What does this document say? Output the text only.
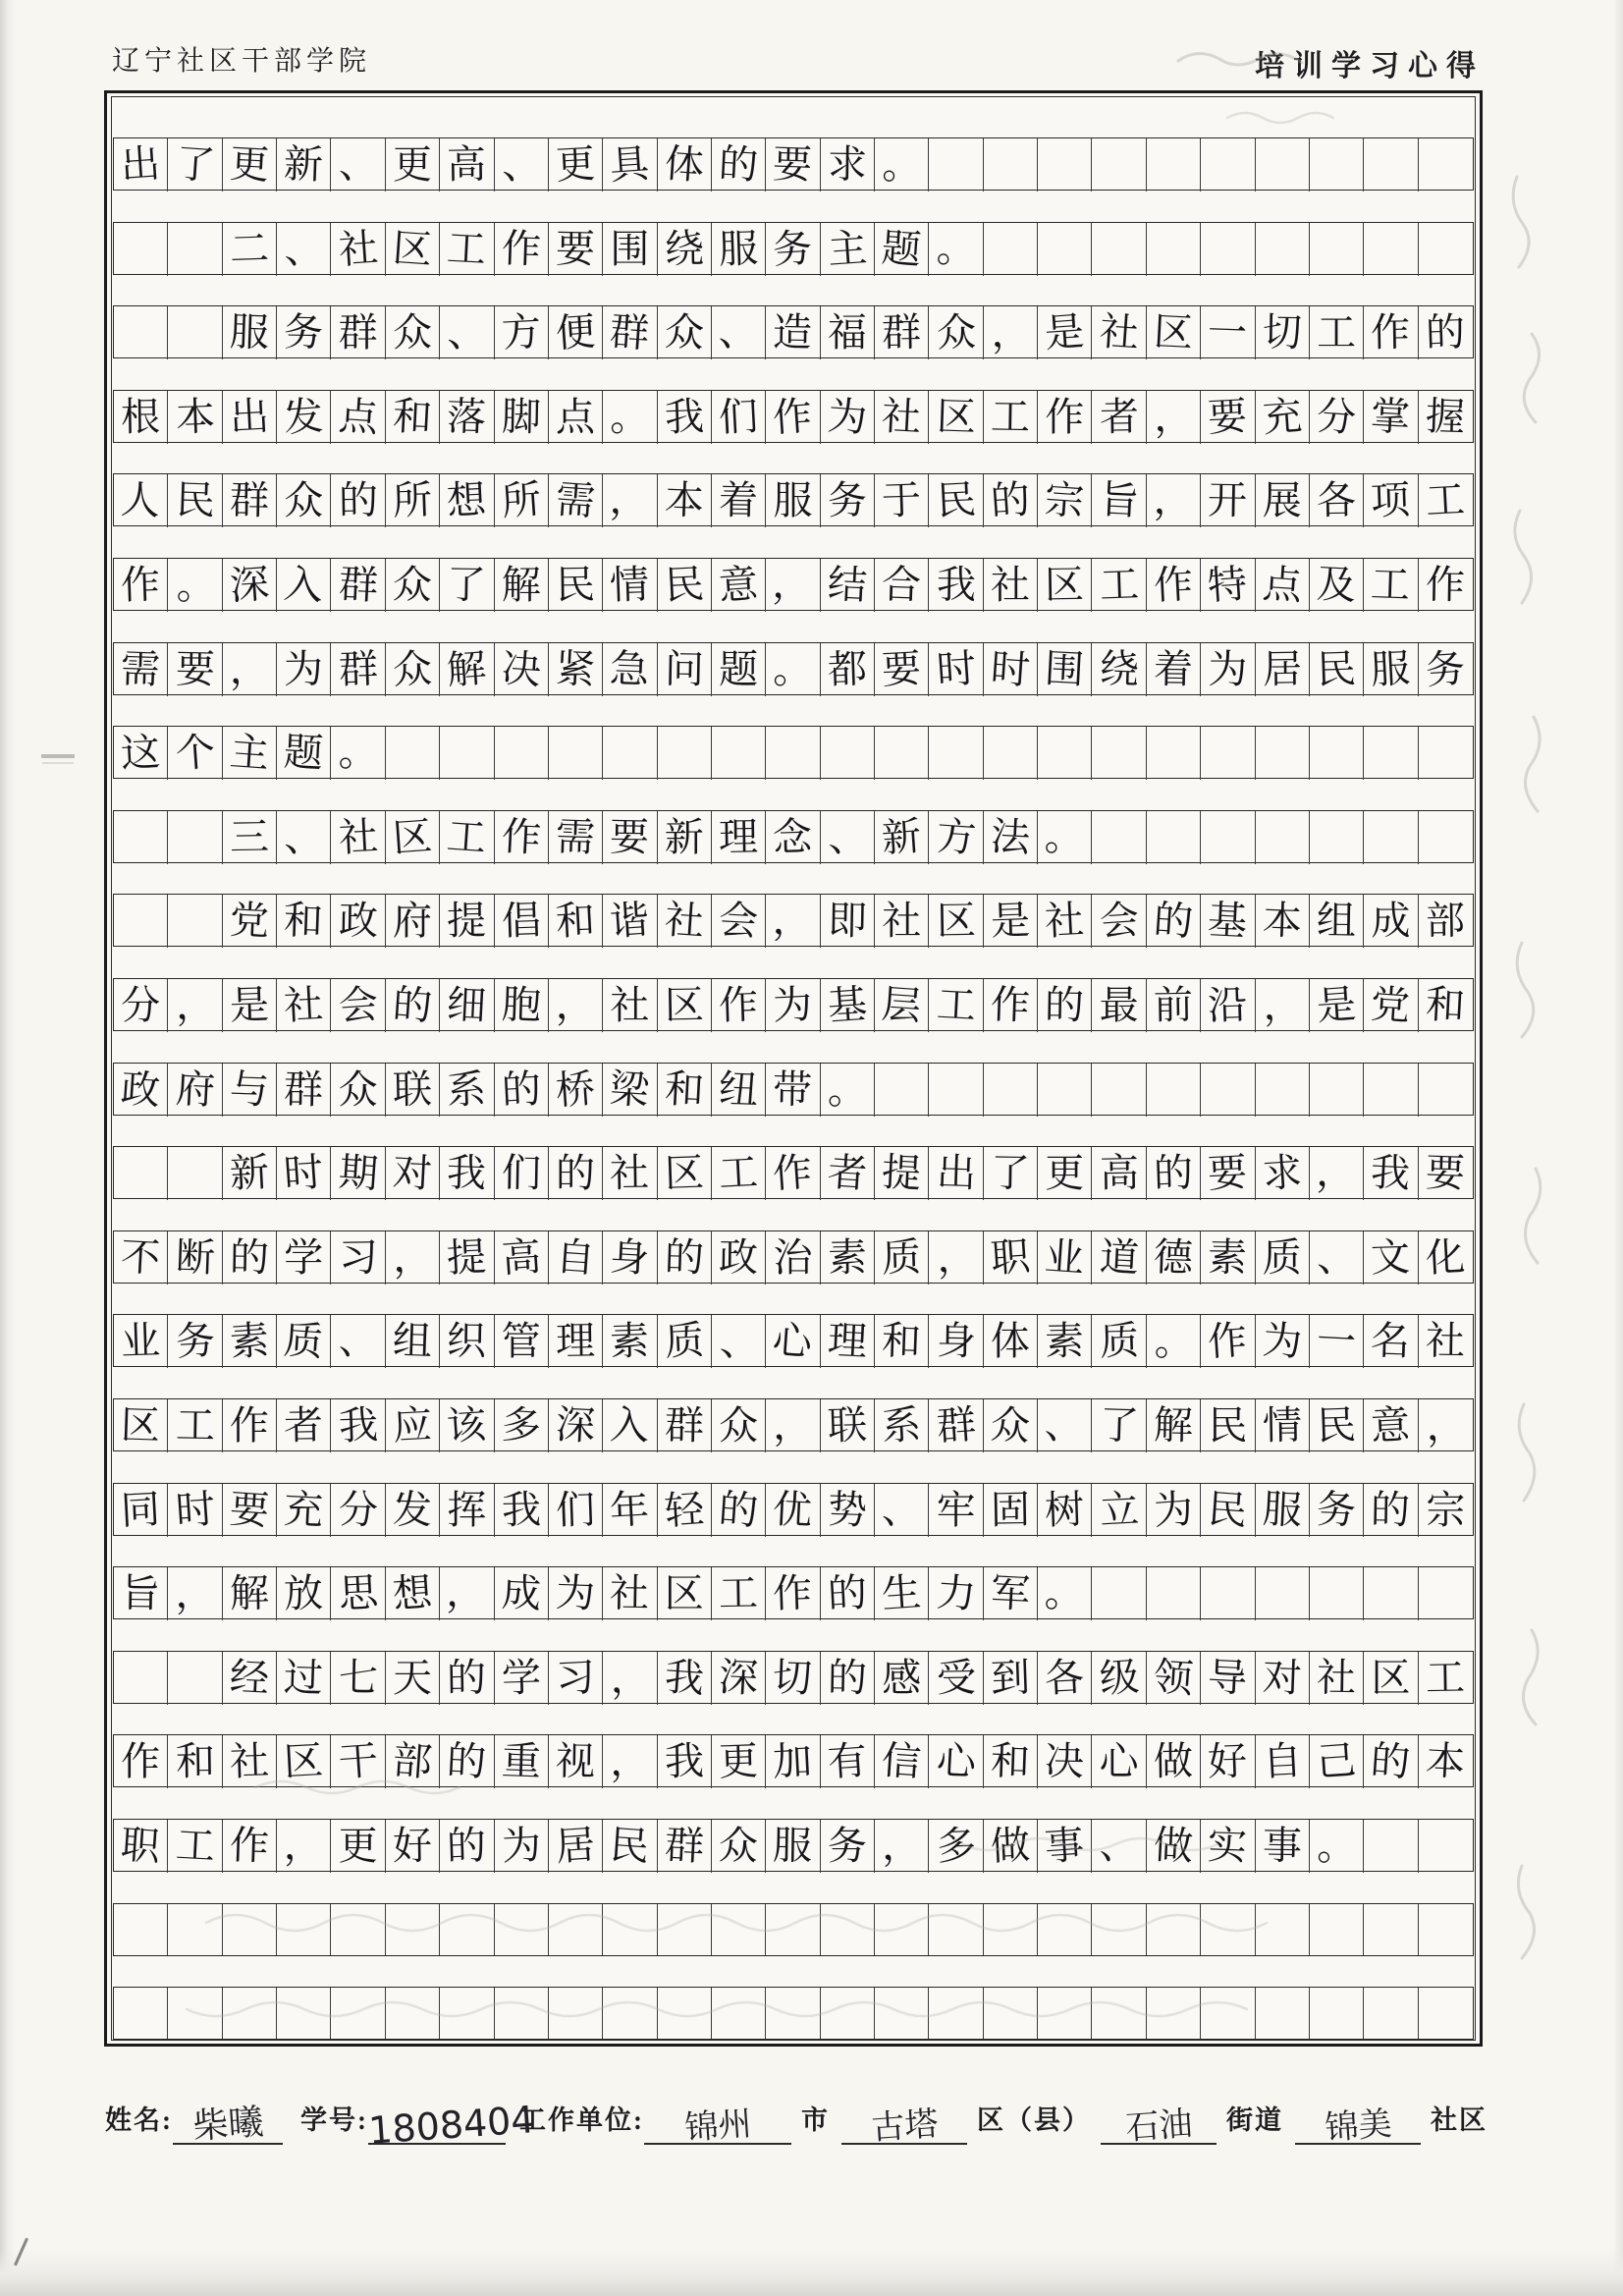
辽宁社区干部学院	培训学习心得
出 了 更 新 、 更 高 、 更 具 体 的 要 求 。
二 、 社 区 工 作 要 围 绕 服 务 主 题 。
服 务 群 众 、 方 便 群 众 、 造 福 群 众 ， 是 社 区 一 切 工 作 的
根 本 出 发 点 和 落 脚 点 。 我 们 作 为 社 区 工 作 者 ， 要 充 分 掌 握
人 民 群 众 的 所 想 所 需 ， 本 着 服 务 于 民 的 宗 旨 ， 开 展 各 项 工
作 。 深 入 群 众 了 解 民 情 民 意 ， 结 合 我 社 区 工 作 特 点 及 工 作
需 要 ， 为 群 众 解 决 紧 急 问 题 。 都 要 时 时 围 绕 着 为 居 民 服 务
这 个 主 题 。
三 、 社 区 工 作 需 要 新 理 念 、 新 方 法 。
党 和 政 府 提 倡 和 谐 社 会 ， 即 社 区 是 社 会 的 基 本 组 成 部
分 ， 是 社 会 的 细 胞 ， 社 区 作 为 基 层 工 作 的 最 前 沿 ， 是 党 和
政 府 与 群 众 联 系 的 桥 梁 和 纽 带 。
新 时 期 对 我 们 的 社 区 工 作 者 提 出 了 更 高 的 要 求 ， 我 要
不 断 的 学 习 ， 提 高 自 身 的 政 治 素 质 ， 职 业 道 德 素 质 、 文 化
业 务 素 质 、 组 织 管 理 素 质 、 心 理 和 身 体 素 质 。 作 为 一 名 社
区 工 作 者 我 应 该 多 深 入 群 众 ， 联 系 群 众 、 了 解 民 情 民 意 ，
同 时 要 充 分 发 挥 我 们 年 轻 的 优 势 、 牢 固 树 立 为 民 服 务 的 宗
旨 ， 解 放 思 想 ， 成 为 社 区 工 作 的 生 力 军 。
经 过 七 天 的 学 习 ， 我 深 切 的 感 受 到 各 级 领 导 对 社 区 工
作 和 社 区 干 部 的 重 视 ， 我 更 加 有 信 心 和 决 心 做 好 自 己 的 本
职 工 作 ， 更 好 的 为 居 民 群 众 服 务 ， 多 做 事 、 做 实 事 。
姓名: 柴曦	学号:
1808404
工作单位:	锦州	市	古塔	区（县）	石油	街道	锦美	社区
